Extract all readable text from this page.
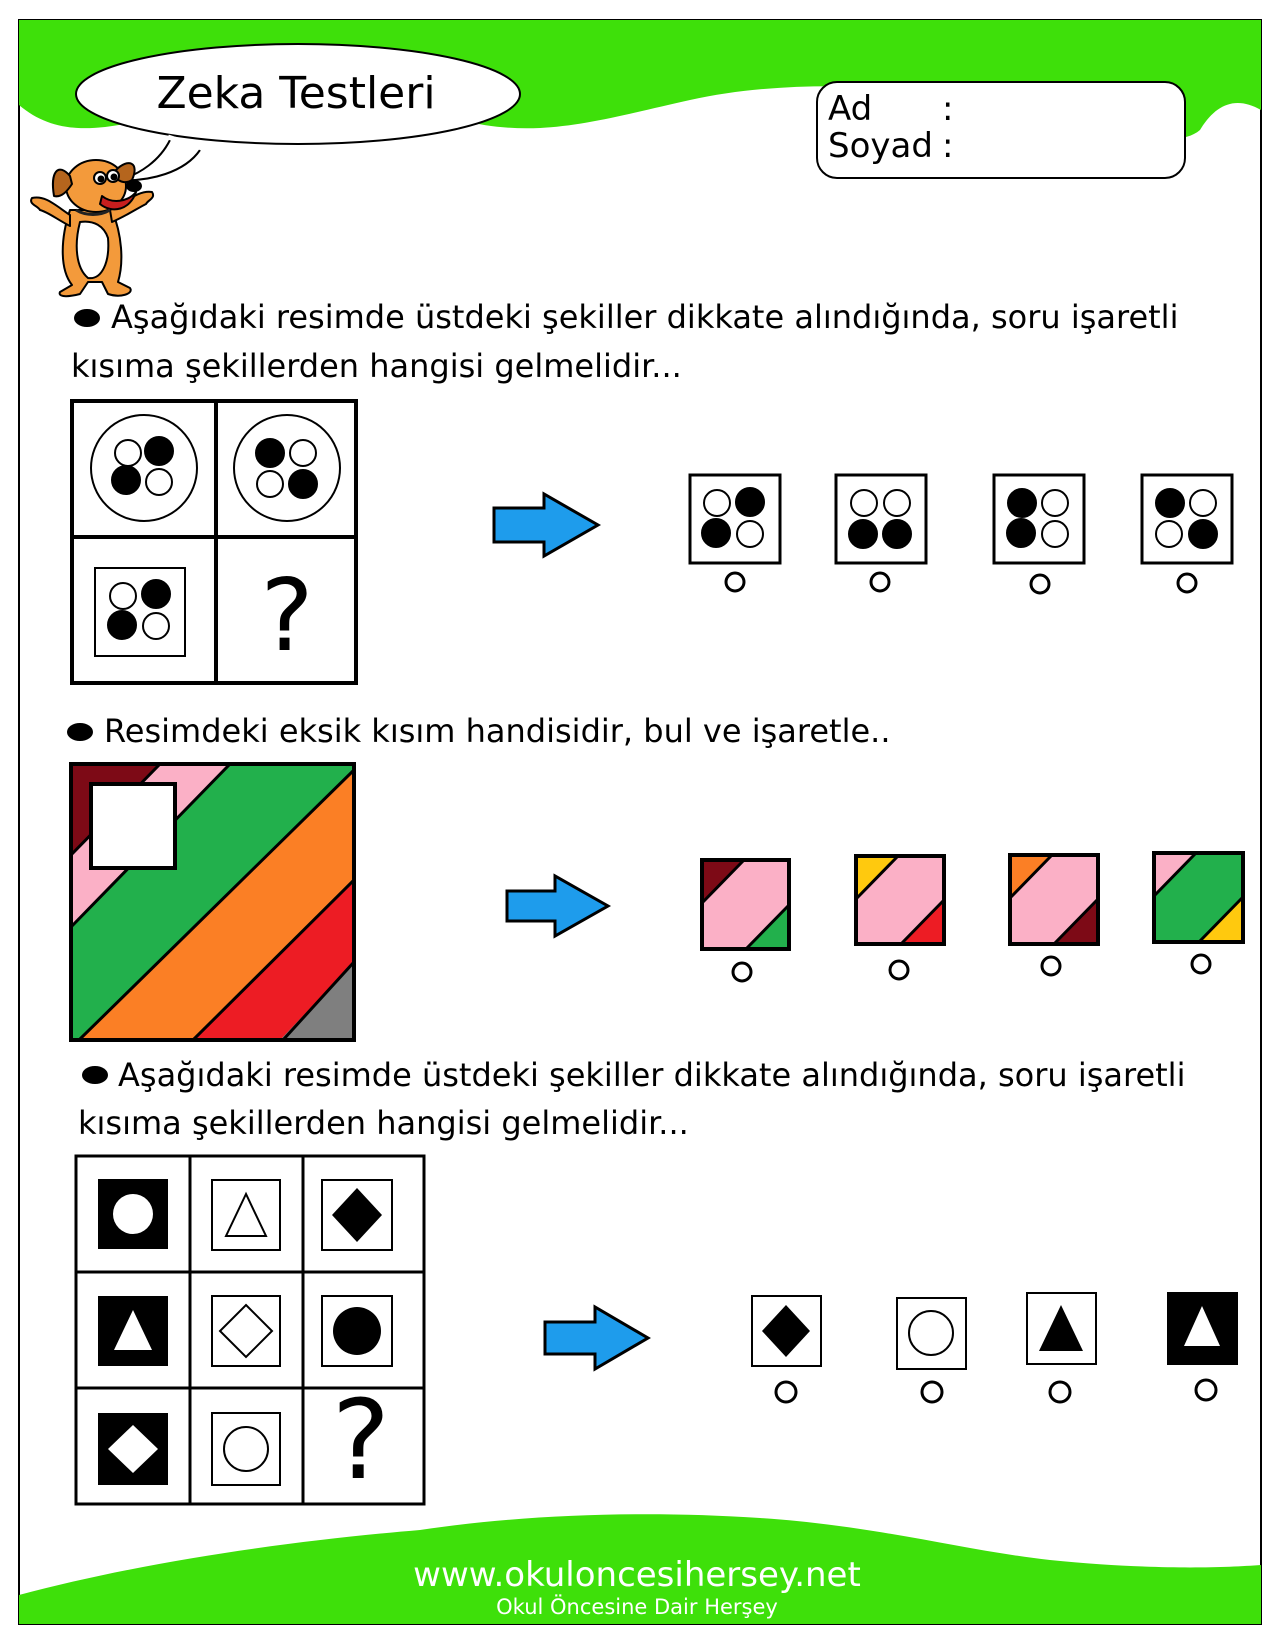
Zeka Testleri	Ad :
Soyad :
Aşağıdaki resimde üstdeki şekiller dikkate alındığında, soru işaretli
kısıma şekillerden hangisi gelmelidir...
?
Resimdeki eksik kısım handisidir, bul ve işaretle..
Aşağıdaki resimde üstdeki şekiller dikkate alındığında, soru işaretli
kısıma şekillerden hangisi gelmelidir...
?
www.okuloncesihersey.net
Okul Öncesine Dair Herşey
